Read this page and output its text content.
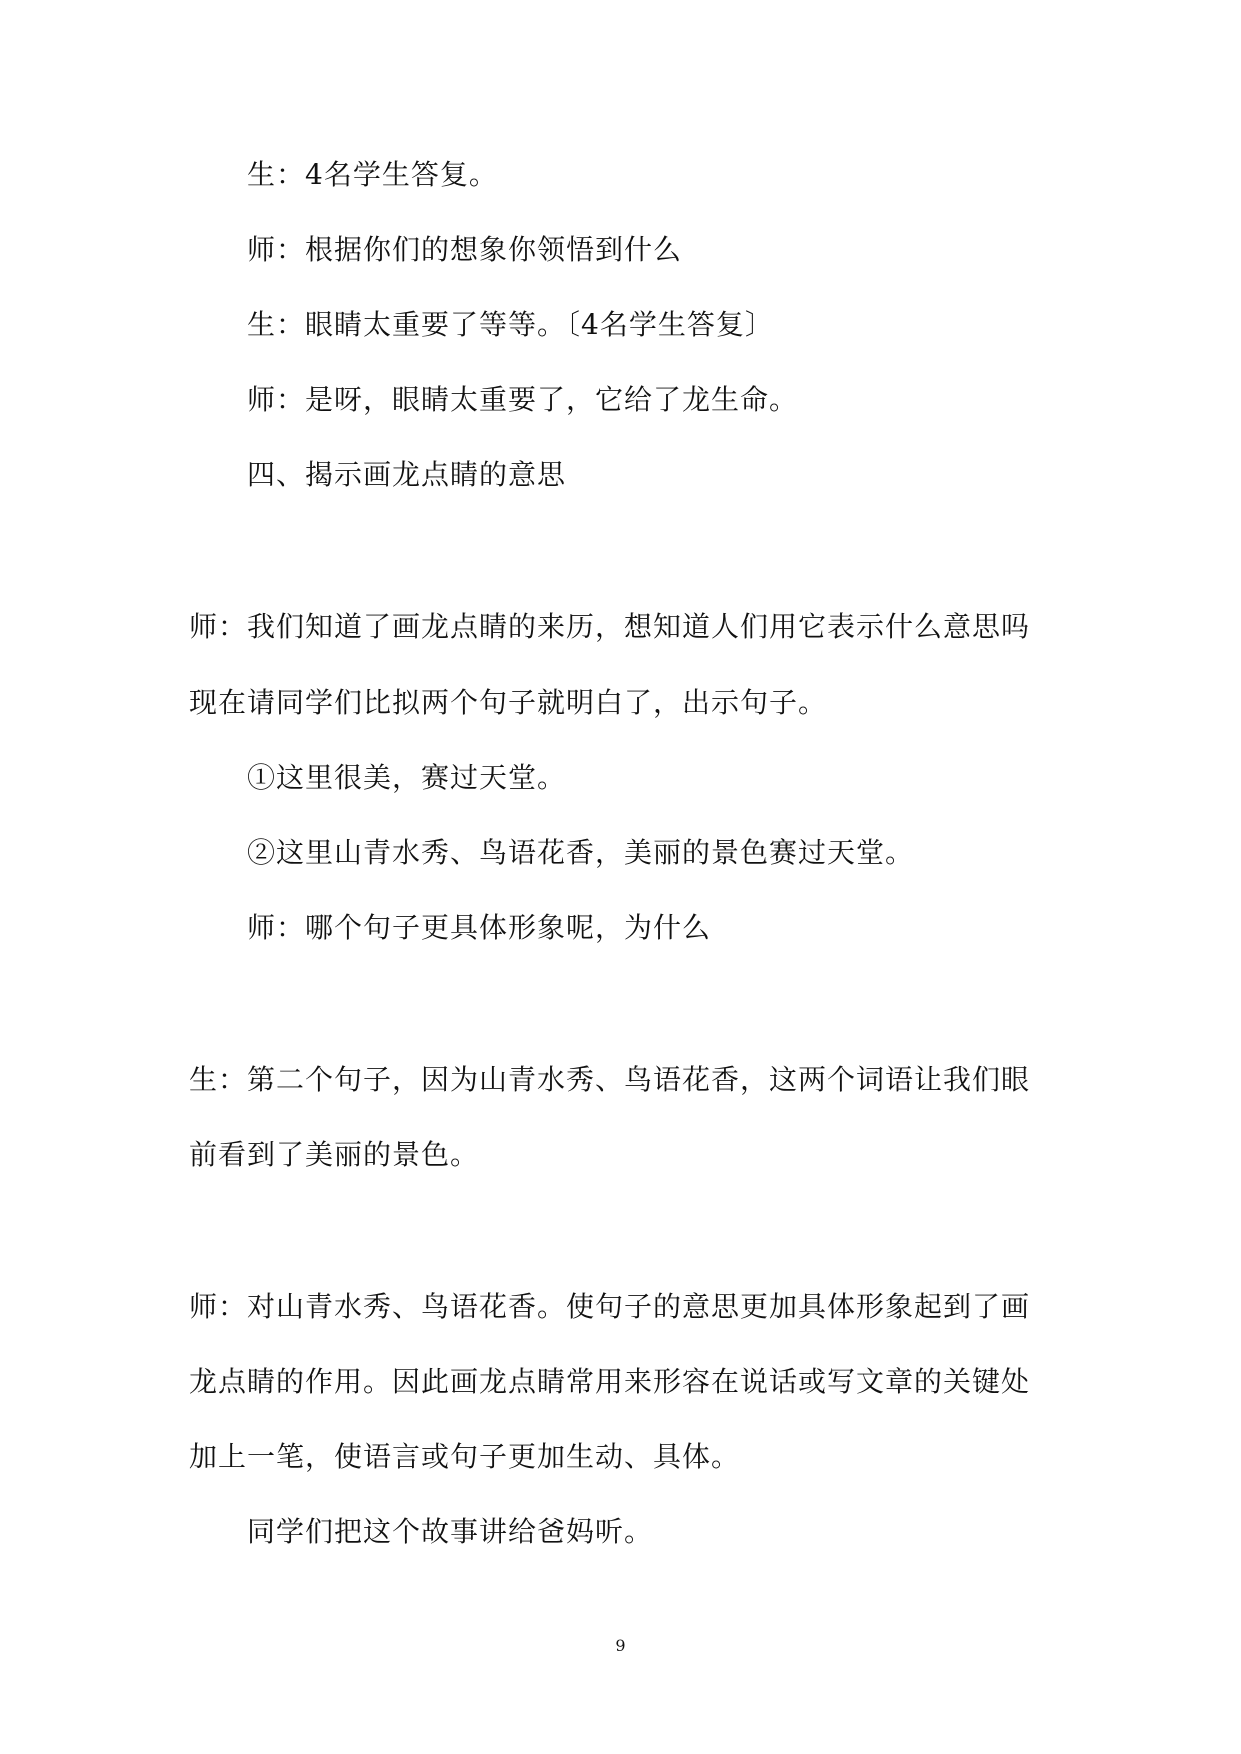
生：4名学生答复。
师：根据你们的想象你领悟到什么
生：眼睛太重要了等等。〔4名学生答复〕
师：是呀，眼睛太重要了，它给了龙生命。
四、揭示画龙点睛的意思
师：我们知道了画龙点睛的来历，想知道人们用它表示什么意思吗
现在请同学们比拟两个句子就明白了，出示句子。
①这里很美，赛过天堂。
②这里山青水秀、鸟语花香，美丽的景色赛过天堂。
师：哪个句子更具体形象呢，为什么
生：第二个句子，因为山青水秀、鸟语花香，这两个词语让我们眼
前看到了美丽的景色。
师：对山青水秀、鸟语花香。使句子的意思更加具体形象起到了画
龙点睛的作用。因此画龙点睛常用来形容在说话或写文章的关键处
加上一笔，使语言或句子更加生动、具体。
同学们把这个故事讲给爸妈听。
9
